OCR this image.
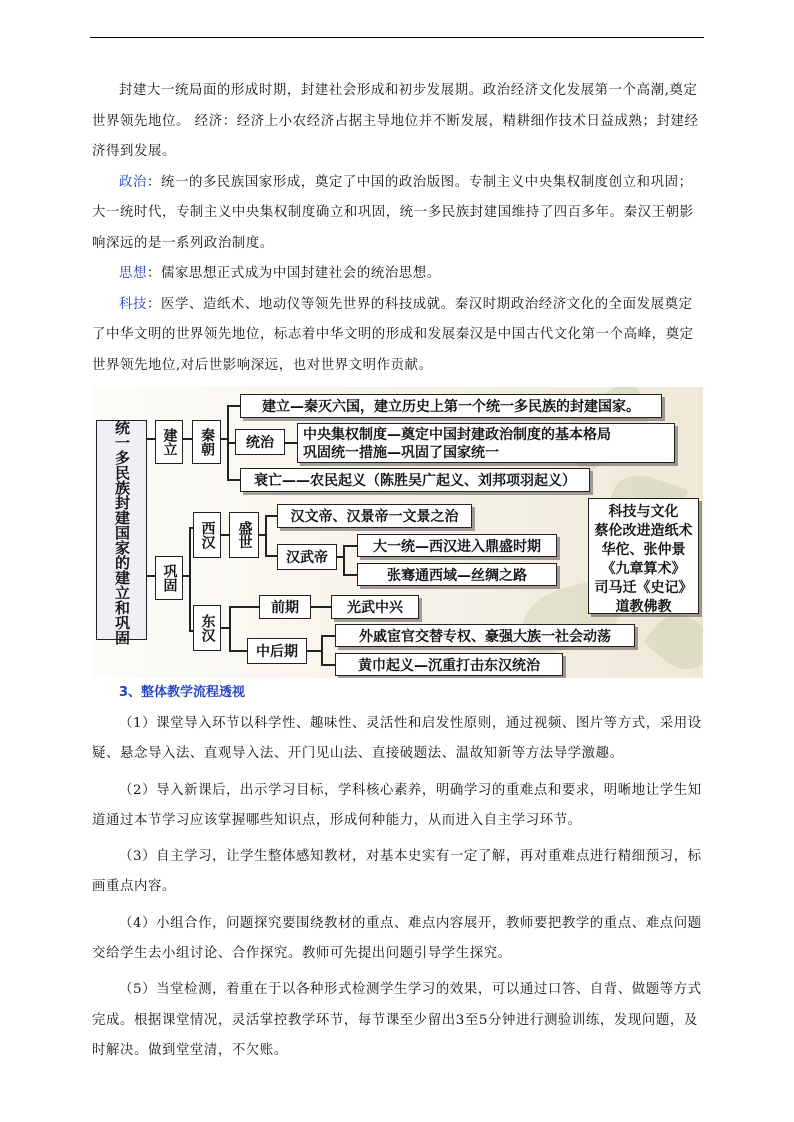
封建大一统局面的形成时期，封建社会形成和初步发展期。政治经济文化发展第一个高潮,奠定世界领先地位。 经济：经济上小农经济占据主导地位并不断发展，精耕细作技术日益成熟；封建经济得到发展。

政治：统一的多民族国家形成，奠定了中国的政治版图。专制主义中央集权制度创立和巩固；大一统时代，专制主义中央集权制度确立和巩固，统一多民族封建国维持了四百多年。秦汉王朝影响深远的是一系列政治制度。

思想：儒家思想正式成为中国封建社会的统治思想。

科技：医学、造纸术、地动仪等领先世界的科技成就。秦汉时期政治经济文化的全面发展奠定了中华文明的世界领先地位，标志着中华文明的形成和发展秦汉是中国古代文化第一个高峰，奠定世界领先地位,对后世影响深远，也对世界文明作贡献。

统一多民族封建国家的建立和巩固	建立
巩固
秦朝
建立—秦灭六国，建立历史上第一个统一多民族的封建国家。
统治	中央集权制度—奠定中国封建政治制度的基本格局
巩固统一措施—巩固了国家统一
衰亡——农民起义（陈胜吴广起义、刘邦项羽起义）
西汉
东汉
盛世
汉文帝、汉景帝一文景之治
汉武帝
大一统—西汉进入鼎盛时期
张骞通西域—丝绸之路
前期	光武中兴
中后期
外戚宦官交替专权、豪强大族一社会动荡
黄巾起义—沉重打击东汉统治
科技与文化
蔡伦改进造纸术
华佗、张仲景
《九章算术》
司马迁《史记》
道教佛教
3、整体教学流程透视

（1）课堂导入环节以科学性、趣味性、灵活性和启发性原则，通过视频、图片等方式，采用设疑、悬念导入法、直观导入法、开门见山法、直接破题法、温故知新等方法导学激趣。

（2）导入新课后，出示学习目标，学科核心素养，明确学习的重难点和要求，明晰地让学生知道通过本节学习应该掌握哪些知识点，形成何种能力，从而进入自主学习环节。

（3）自主学习，让学生整体感知教材，对基本史实有一定了解，再对重难点进行精细预习，标画重点内容。

（4）小组合作，问题探究要围绕教材的重点、难点内容展开，教师要把教学的重点、难点问题交给学生去小组讨论、合作探究。教师可先提出问题引导学生探究。

（5）当堂检测，着重在于以各种形式检测学生学习的效果，可以通过口答、自背、做题等方式完成。根据课堂情况，灵活掌控教学环节，每节课至少留出3至5分钟进行测验训练，发现问题，及时解决。做到堂堂清，不欠账。
